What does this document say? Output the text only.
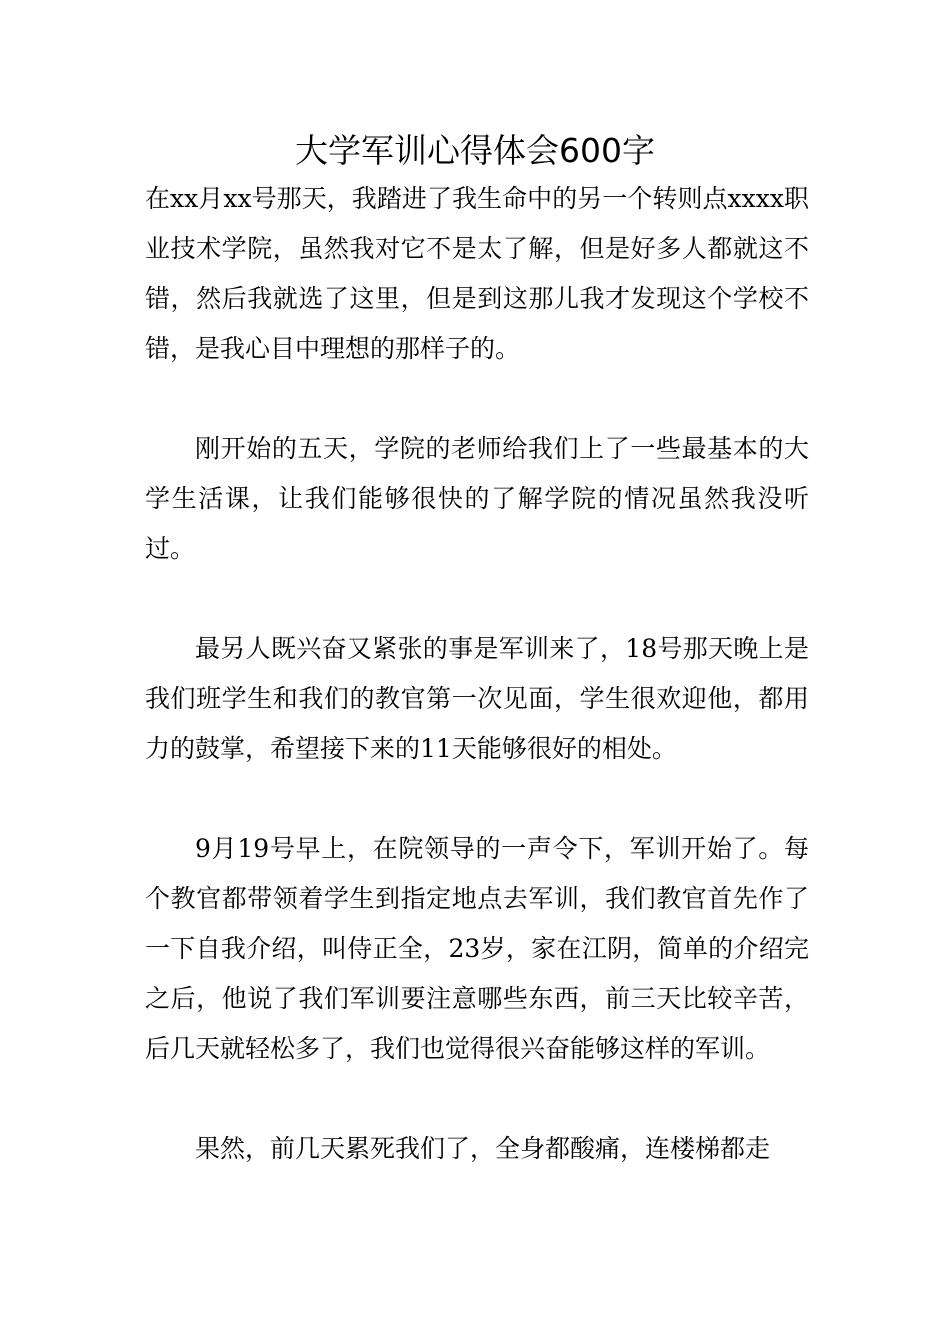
大学军训心得体会600字

在xx月xx号那天，我踏进了我生命中的另一个转则点xxxx职业技术学院，虽然我对它不是太了解，但是好多人都就这不错，然后我就选了这里，但是到这那儿我才发现这个学校不错，是我心目中理想的那样子的。

刚开始的五天，学院的老师给我们上了一些最基本的大学生活课，让我们能够很快的了解学院的情况虽然我没听过。

最另人既兴奋又紧张的事是军训来了，18号那天晚上是我们班学生和我们的教官第一次见面，学生很欢迎他，都用力的鼓掌，希望接下来的11天能够很好的相处。

9月19号早上，在院领导的一声令下，军训开始了。每个教官都带领着学生到指定地点去军训，我们教官首先作了一下自我介绍，叫侍正全，23岁，家在江阴，简单的介绍完之后，他说了我们军训要注意哪些东西，前三天比较辛苦，后几天就轻松多了，我们也觉得很兴奋能够这样的军训。

果然，前几天累死我们了，全身都酸痛，连楼梯都走
